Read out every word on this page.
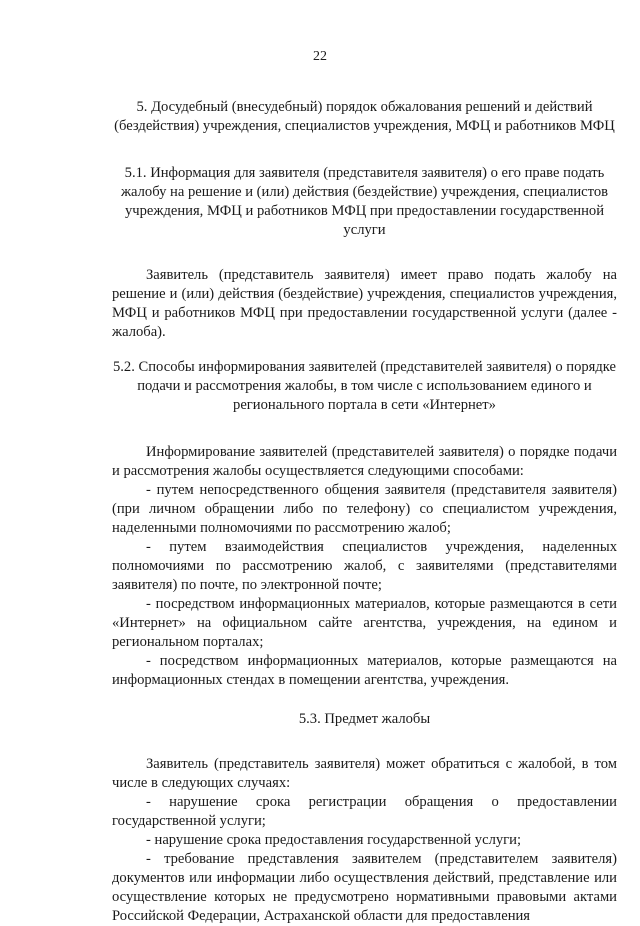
22

5. Досудебный (внесудебный) порядок обжалования решений и действий (бездействия) учреждения, специалистов учреждения, МФЦ и работников МФЦ

5.1. Информация для заявителя (представителя заявителя) о его праве подать жалобу на решение и (или) действия (бездействие) учреждения, специалистов учреждения, МФЦ и работников МФЦ при предоставлении государственной услуги

Заявитель (представитель заявителя) имеет право подать жалобу на решение и (или) действия (бездействие) учреждения, специалистов учреждения, МФЦ и работников МФЦ при предоставлении государственной услуги (далее - жалоба).

5.2. Способы информирования заявителей (представителей заявителя) о порядке подачи и рассмотрения жалобы, в том числе с использованием единого и регионального портала в сети «Интернет»

Информирование заявителей (представителей заявителя) о порядке подачи и рассмотрения жалобы осуществляется следующими способами:

- путем непосредственного общения заявителя (представителя заявителя) (при личном обращении либо по телефону) со специалистом учреждения, наделенными полномочиями по рассмотрению жалоб;

- путем взаимодействия специалистов учреждения, наделенных полномочиями по рассмотрению жалоб, с заявителями (представителями заявителя) по почте, по электронной почте;

- посредством информационных материалов, которые размещаются в сети «Интернет» на официальном сайте агентства, учреждения, на едином и региональном порталах;

- посредством информационных материалов, которые размещаются на информационных стендах в помещении агентства, учреждения.

5.3. Предмет жалобы

Заявитель (представитель заявителя) может обратиться с жалобой, в том числе в следующих случаях:

- нарушение срока регистрации обращения о предоставлении государственной услуги;

- нарушение срока предоставления государственной услуги;

- требование представления заявителем (представителем заявителя) документов или информации либо осуществления действий, представление или осуществление которых не предусмотрено нормативными правовыми актами Российской Федерации, Астраханской области для предоставления
